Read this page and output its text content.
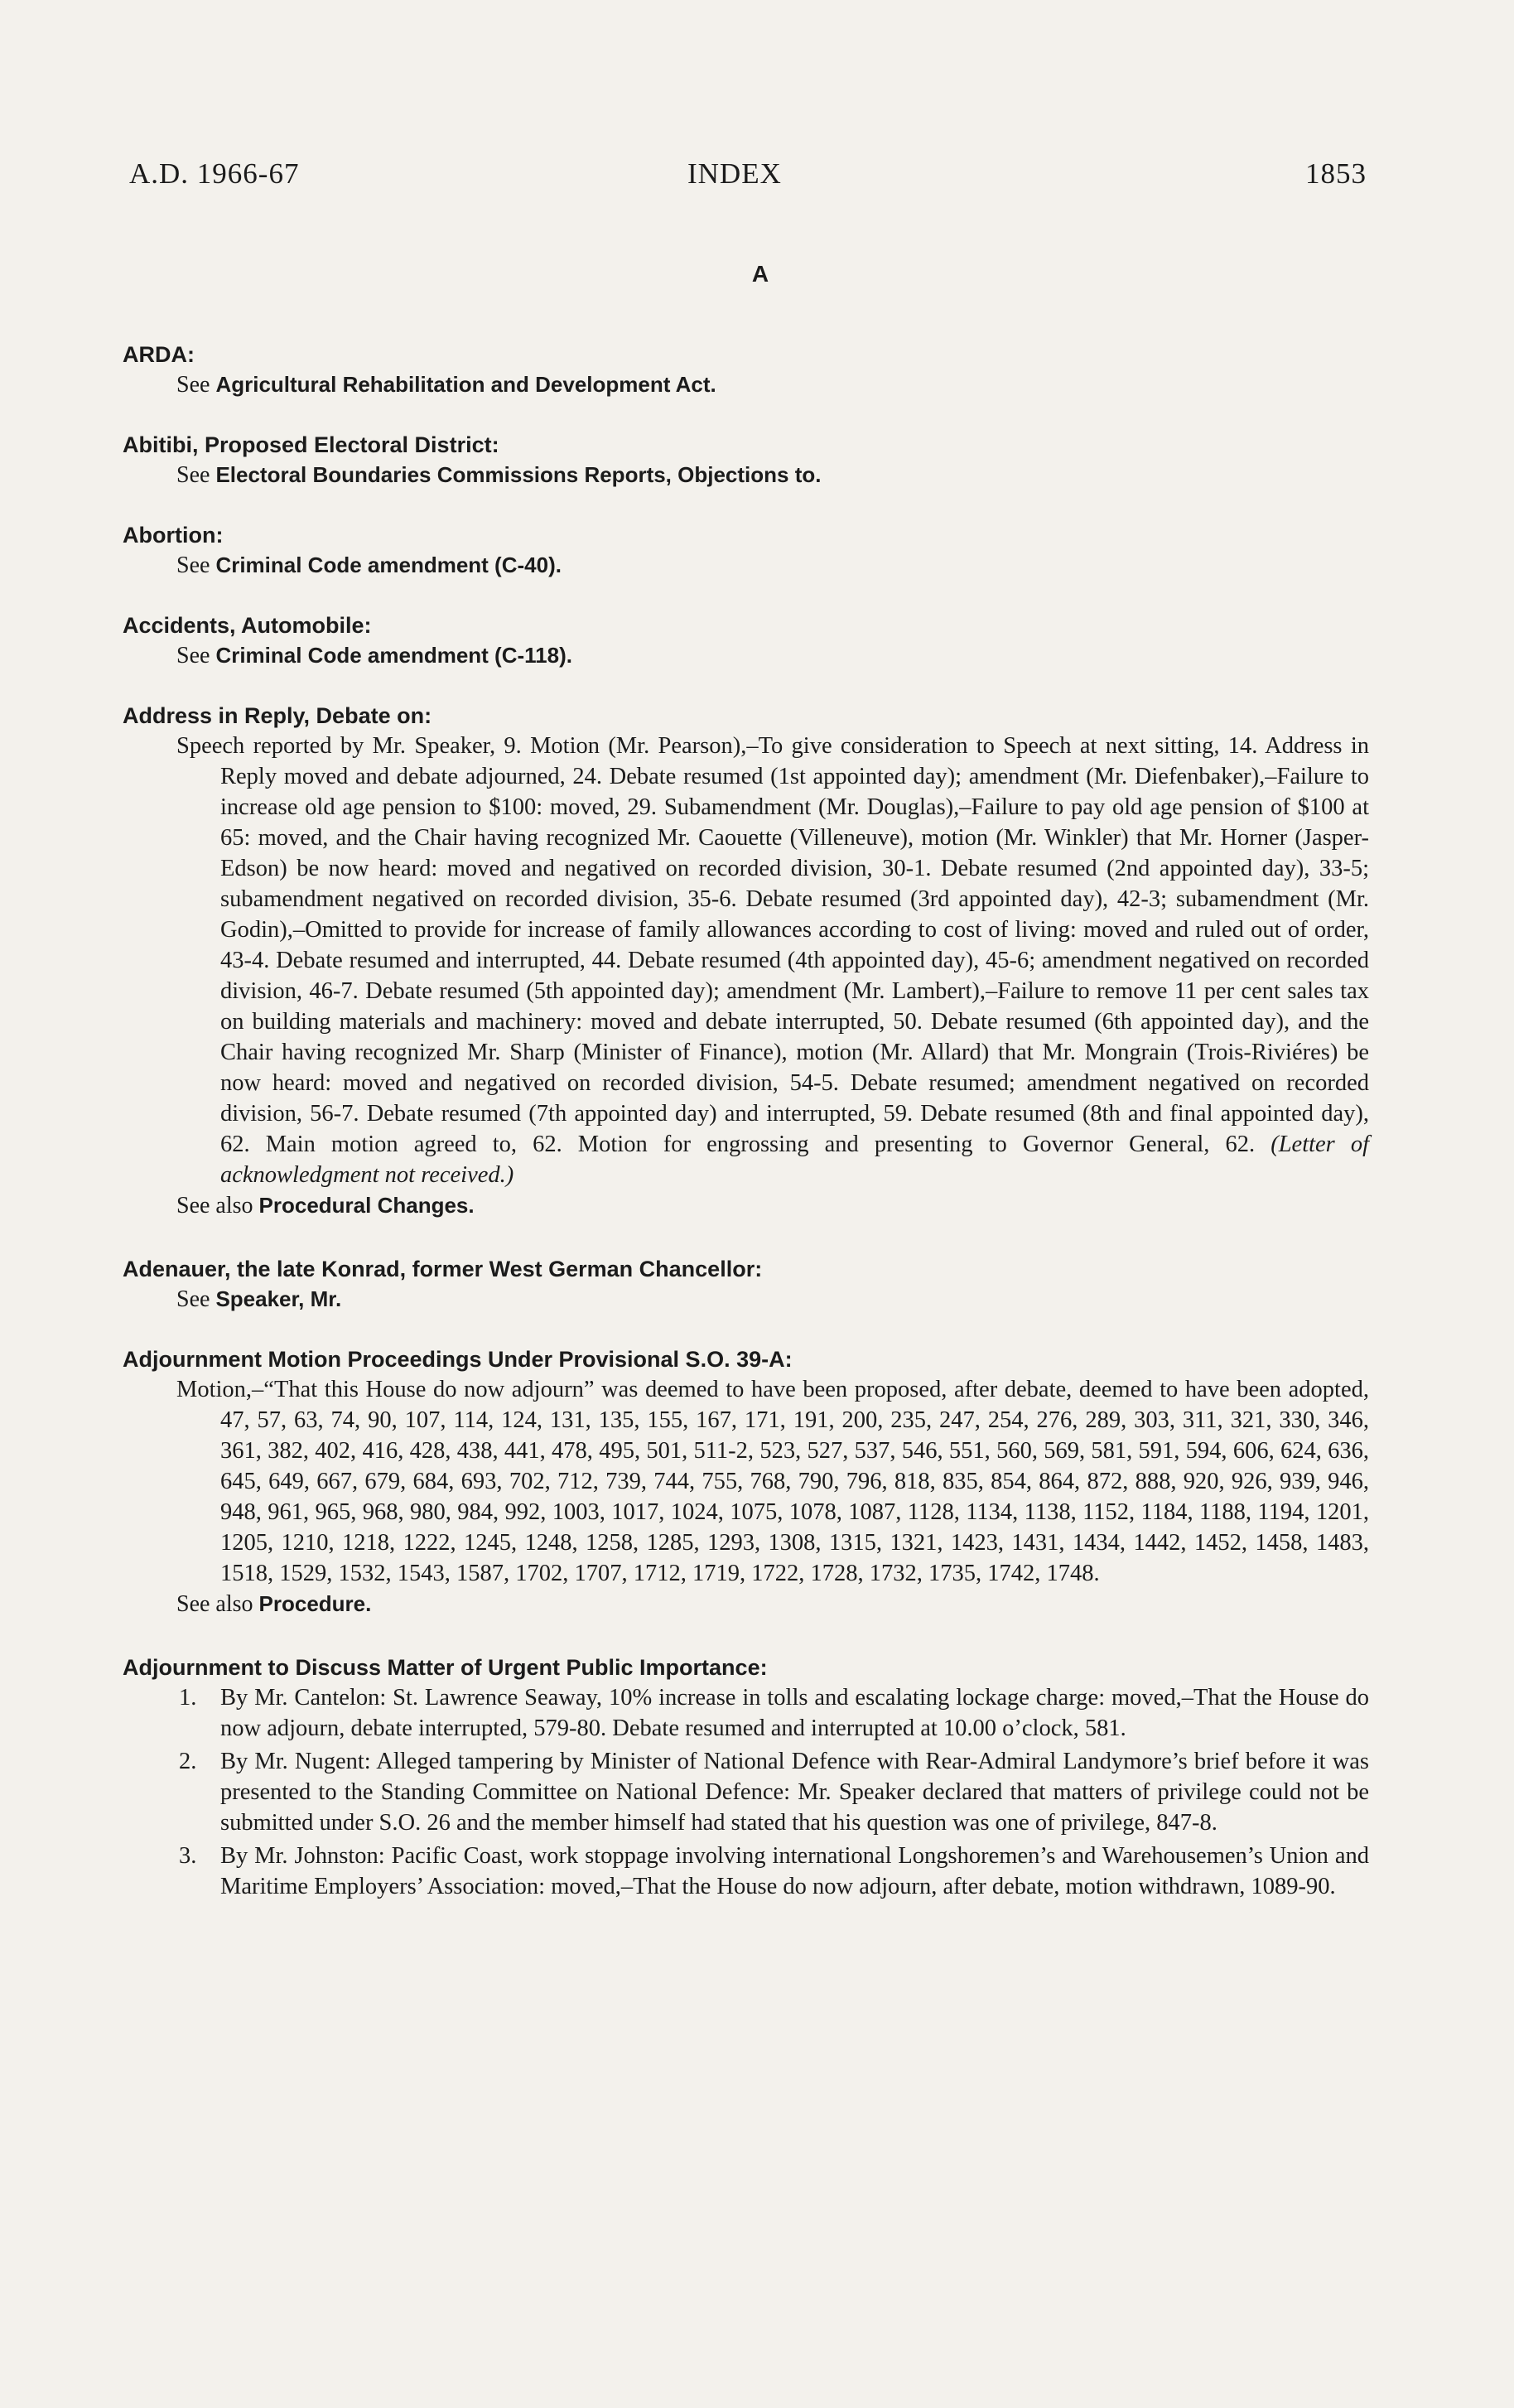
A.D. 1966-67	INDEX	1853
A
ARDA:
See Agricultural Rehabilitation and Development Act.
Abitibi, Proposed Electoral District:
See Electoral Boundaries Commissions Reports, Objections to.
Abortion:
See Criminal Code amendment (C-40).
Accidents, Automobile:
See Criminal Code amendment (C-118).
Address in Reply, Debate on:

Speech reported by Mr. Speaker, 9. Motion (Mr. Pearson),–To give consideration to Speech at next sitting, 14. Address in Reply moved and debate adjourned, 24. Debate resumed (1st appointed day); amendment (Mr. Diefenbaker),–Failure to increase old age pension to $100: moved, 29. Subamendment (Mr. Douglas),–Failure to pay old age pension of $100 at 65: moved, and the Chair having recognized Mr. Caouette (Villeneuve), motion (Mr. Winkler) that Mr. Horner (Jasper-Edson) be now heard: moved and negatived on recorded division, 30-1. Debate resumed (2nd appointed day), 33-5; subamendment negatived on recorded division, 35-6. Debate resumed (3rd appointed day), 42-3; subamendment (Mr. Godin),–Omitted to provide for increase of family allowances according to cost of living: moved and ruled out of order, 43-4. Debate resumed and interrupted, 44. Debate resumed (4th appointed day), 45-6; amendment negatived on recorded division, 46-7. Debate resumed (5th appointed day); amendment (Mr. Lambert),–Failure to remove 11 per cent sales tax on building materials and machinery: moved and debate interrupted, 50. Debate resumed (6th appointed day), and the Chair having recognized Mr. Sharp (Minister of Finance), motion (Mr. Allard) that Mr. Mongrain (Trois-Riviéres) be now heard: moved and negatived on recorded division, 54-5. Debate resumed; amendment negatived on recorded division, 56-7. Debate resumed (7th appointed day) and interrupted, 59. Debate resumed (8th and final appointed day), 62. Main motion agreed to, 62. Motion for engrossing and presenting to Governor General, 62. (Letter of acknowledgment not received.)

See also Procedural Changes.
Adenauer, the late Konrad, former West German Chancellor:
See Speaker, Mr.
Adjournment Motion Proceedings Under Provisional S.O. 39-A:

Motion,–“That this House do now adjourn” was deemed to have been proposed, after debate, deemed to have been adopted, 47, 57, 63, 74, 90, 107, 114, 124, 131, 135, 155, 167, 171, 191, 200, 235, 247, 254, 276, 289, 303, 311, 321, 330, 346, 361, 382, 402, 416, 428, 438, 441, 478, 495, 501, 511-2, 523, 527, 537, 546, 551, 560, 569, 581, 591, 594, 606, 624, 636, 645, 649, 667, 679, 684, 693, 702, 712, 739, 744, 755, 768, 790, 796, 818, 835, 854, 864, 872, 888, 920, 926, 939, 946, 948, 961, 965, 968, 980, 984, 992, 1003, 1017, 1024, 1075, 1078, 1087, 1128, 1134, 1138, 1152, 1184, 1188, 1194, 1201, 1205, 1210, 1218, 1222, 1245, 1248, 1258, 1285, 1293, 1308, 1315, 1321, 1423, 1431, 1434, 1442, 1452, 1458, 1483, 1518, 1529, 1532, 1543, 1587, 1702, 1707, 1712, 1719, 1722, 1728, 1732, 1735, 1742, 1748.

See also Procedure.
Adjournment to Discuss Matter of Urgent Public Importance:
1. By Mr. Cantelon: St. Lawrence Seaway, 10% increase in tolls and escalating lockage charge: moved,–That the House do now adjourn, debate interrupted, 579-80. Debate resumed and interrupted at 10.00 o’clock, 581.
2. By Mr. Nugent: Alleged tampering by Minister of National Defence with Rear-Admiral Landymore’s brief before it was presented to the Standing Committee on National Defence: Mr. Speaker declared that matters of privilege could not be submitted under S.O. 26 and the member himself had stated that his question was one of privilege, 847-8.
3. By Mr. Johnston: Pacific Coast, work stoppage involving international Longshoremen’s and Warehousemen’s Union and Maritime Employers’ Association: moved,–That the House do now adjourn, after debate, motion withdrawn, 1089-90.
